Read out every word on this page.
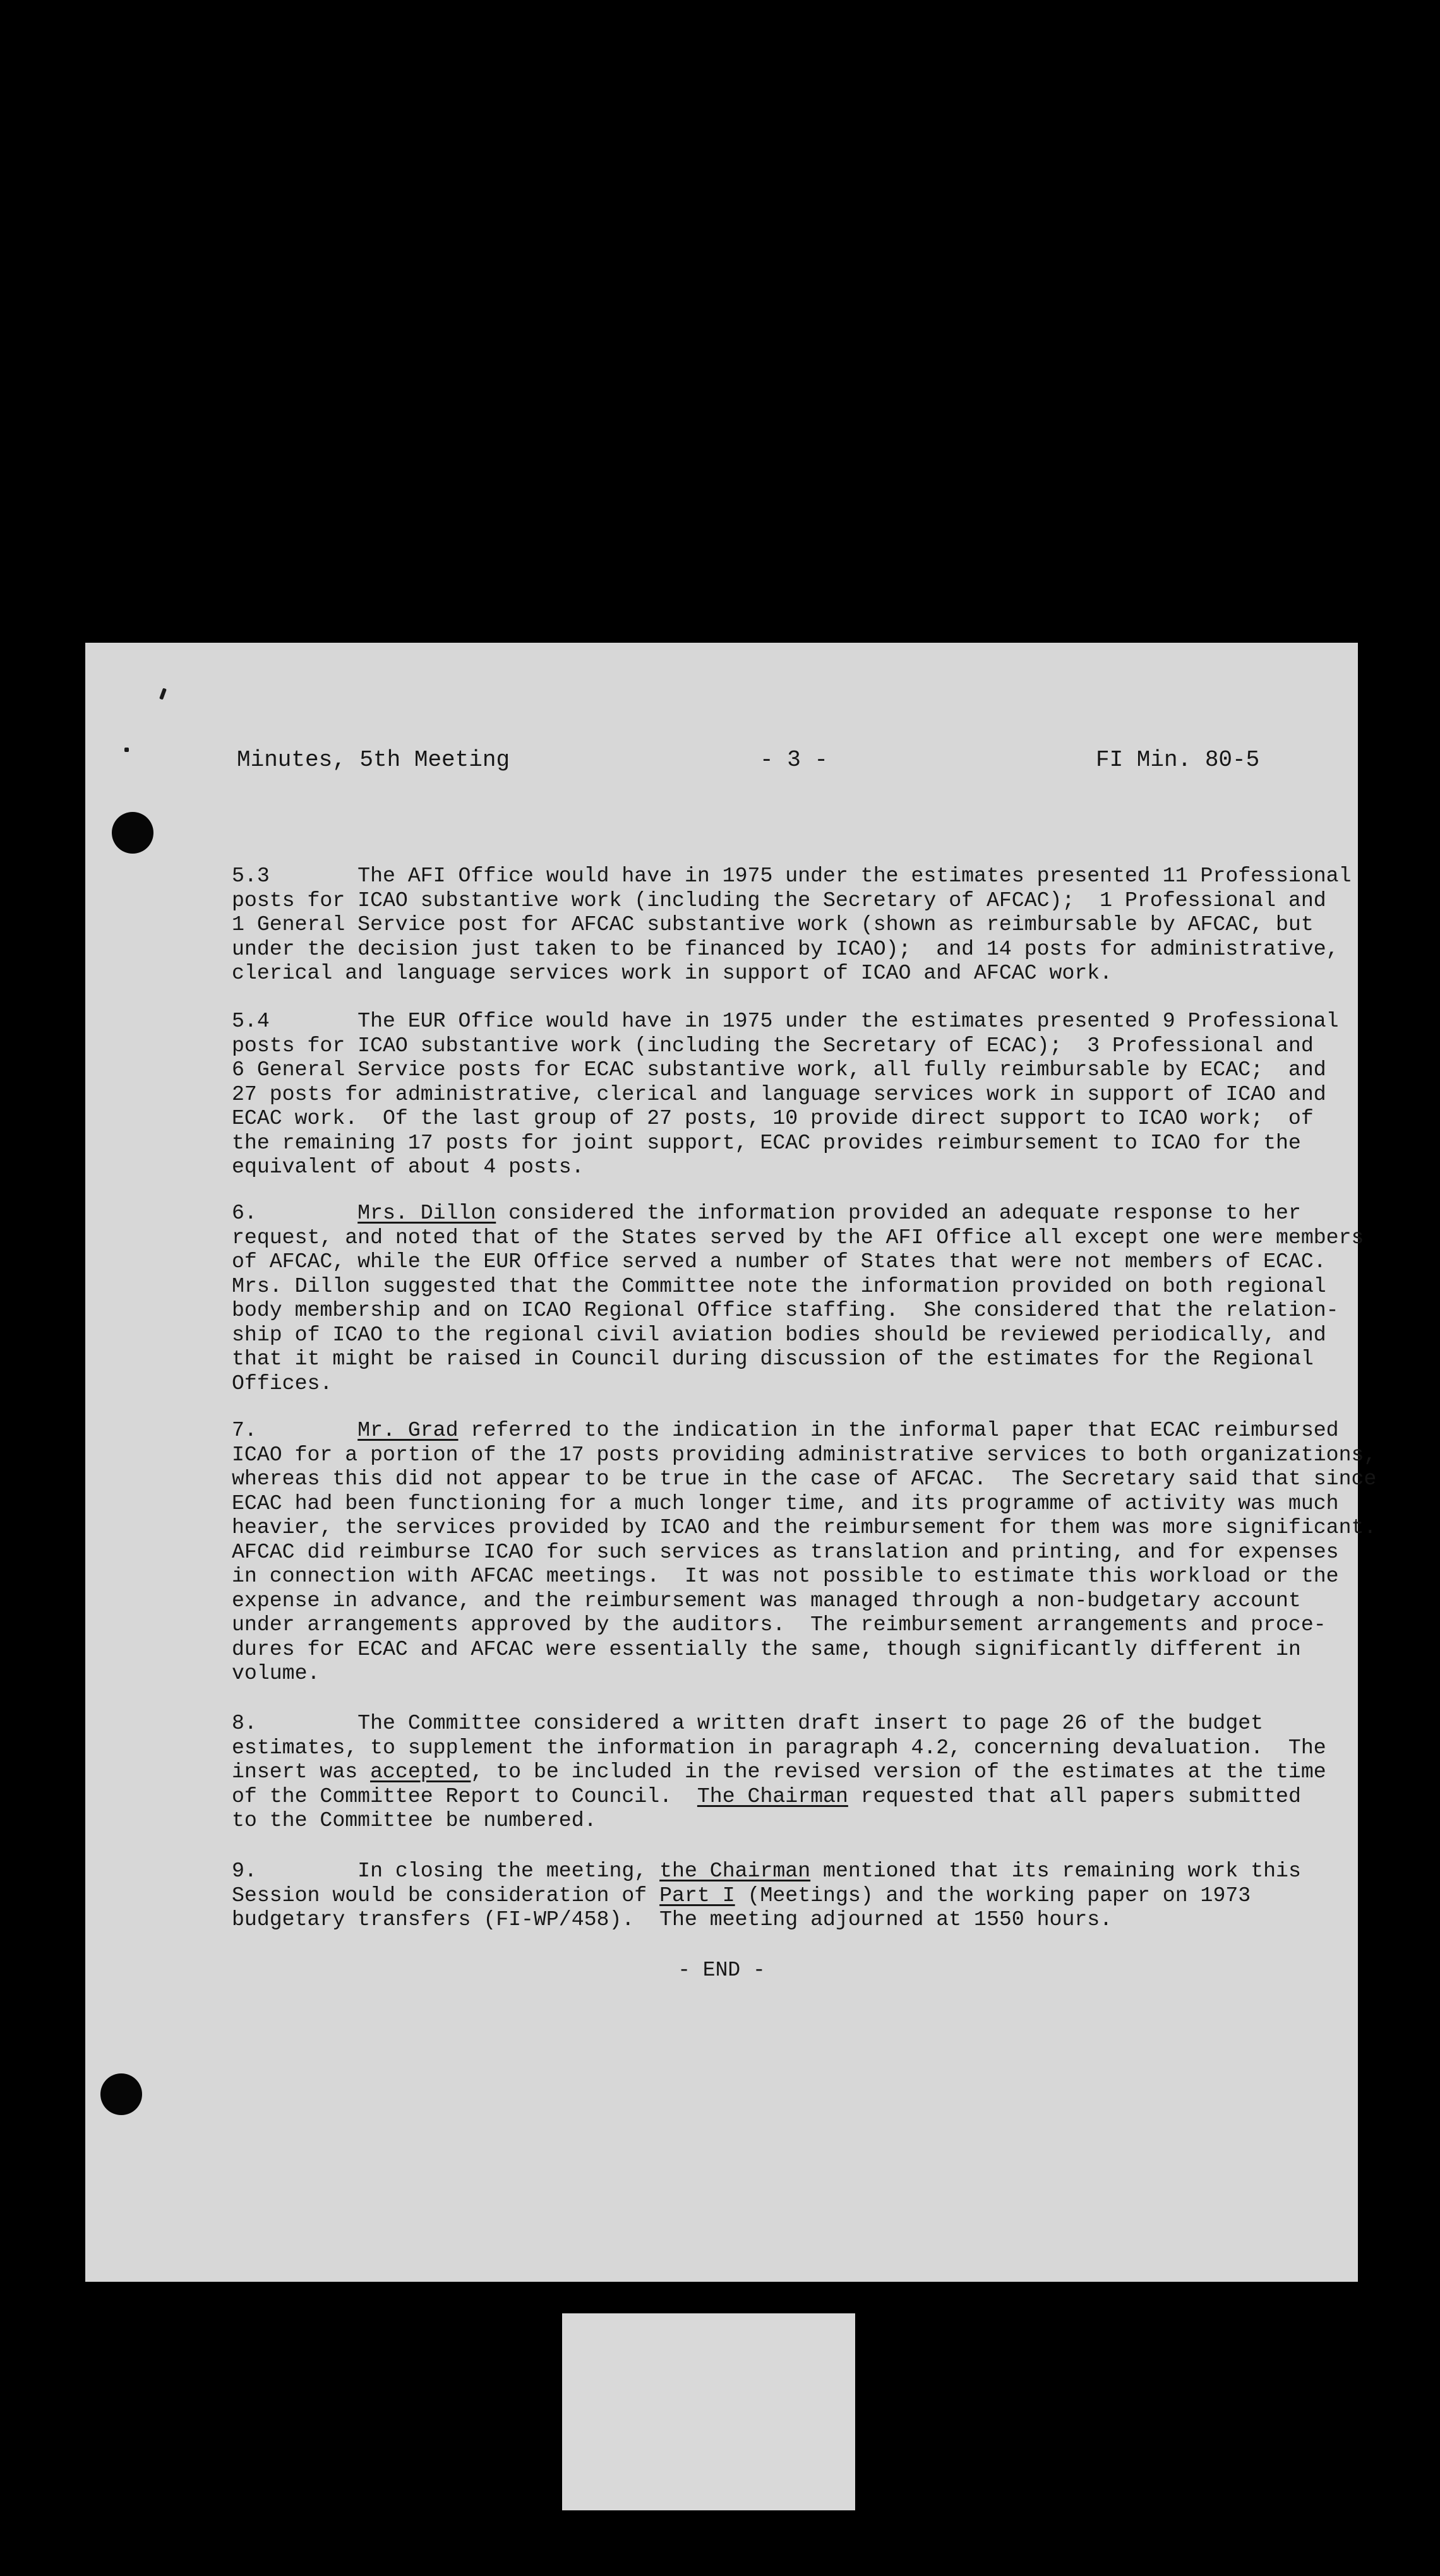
Minutes, 5th Meeting	- 3 -	FI Min. 80-5
5.3       The AFI Office would have in 1975 under the estimates presented 11 Professional
posts for ICAO substantive work (including the Secretary of AFCAC);  1 Professional and
1 General Service post for AFCAC substantive work (shown as reimbursable by AFCAC, but
under the decision just taken to be financed by ICAO);  and 14 posts for administrative,
clerical and language services work in support of ICAO and AFCAC work.
5.4       The EUR Office would have in 1975 under the estimates presented 9 Professional
posts for ICAO substantive work (including the Secretary of ECAC);  3 Professional and
6 General Service posts for ECAC substantive work, all fully reimbursable by ECAC;  and
27 posts for administrative, clerical and language services work in support of ICAO and
ECAC work.  Of the last group of 27 posts, 10 provide direct support to ICAO work;  of
the remaining 17 posts for joint support, ECAC provides reimbursement to ICAO for the
equivalent of about 4 posts.
6.        Mrs. Dillon considered the information provided an adequate response to her
request, and noted that of the States served by the AFI Office all except one were members
of AFCAC, while the EUR Office served a number of States that were not members of ECAC.
Mrs. Dillon suggested that the Committee note the information provided on both regional
body membership and on ICAO Regional Office staffing.  She considered that the relation-
ship of ICAO to the regional civil aviation bodies should be reviewed periodically, and
that it might be raised in Council during discussion of the estimates for the Regional
Offices.
7.        Mr. Grad referred to the indication in the informal paper that ECAC reimbursed
ICAO for a portion of the 17 posts providing administrative services to both organizations,
whereas this did not appear to be true in the case of AFCAC.  The Secretary said that since
ECAC had been functioning for a much longer time, and its programme of activity was much
heavier, the services provided by ICAO and the reimbursement for them was more significant.
AFCAC did reimburse ICAO for such services as translation and printing, and for expenses
in connection with AFCAC meetings.  It was not possible to estimate this workload or the
expense in advance, and the reimbursement was managed through a non-budgetary account
under arrangements approved by the auditors.  The reimbursement arrangements and proce-
dures for ECAC and AFCAC were essentially the same, though significantly different in
volume.
8.        The Committee considered a written draft insert to page 26 of the budget
estimates, to supplement the information in paragraph 4.2, concerning devaluation.  The
insert was accepted, to be included in the revised version of the estimates at the time
of the Committee Report to Council.  The Chairman requested that all papers submitted
to the Committee be numbered.
9.        In closing the meeting, the Chairman mentioned that its remaining work this
Session would be consideration of Part I (Meetings) and the working paper on 1973
budgetary transfers (FI-WP/458).  The meeting adjourned at 1550 hours.
- END -
